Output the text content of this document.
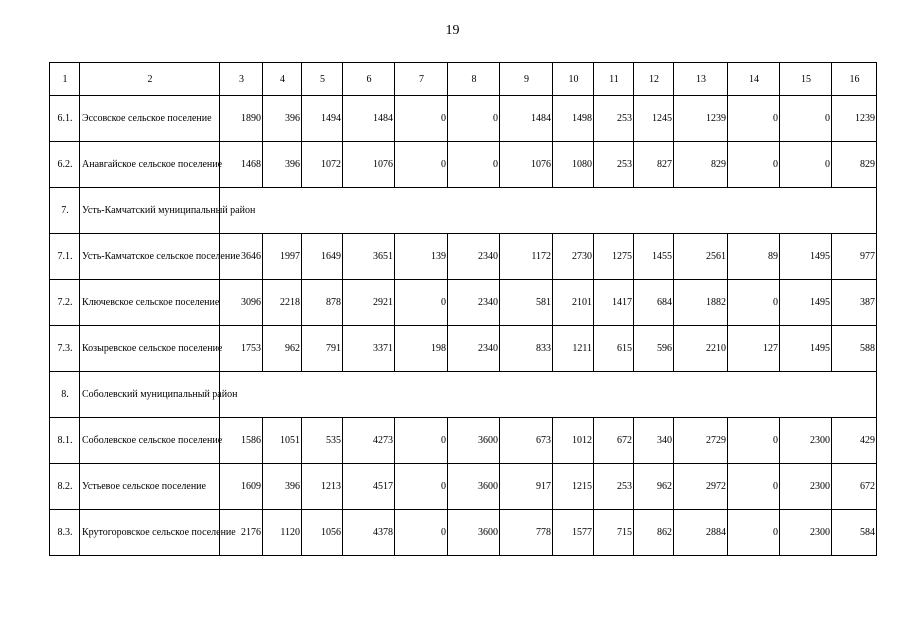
19
1	2	3	4	5	6	7	8	9	10	11	12	13	14	15	16
6.1.	Эссовское сельское поселение	1890	396	1494	1484	0	0	1484	1498	253	1245	1239	0	0	1239
6.2.	Анавгайское сельское поселение	1468	396	1072	1076	0	0	1076	1080	253	827	829	0	0	829
7.	Усть-Камчатский муниципальный район														
7.1.	Усть-Камчатское сельское поселение	3646	1997	1649	3651	139	2340	1172	2730	1275	1455	2561	89	1495	977
7.2.	Ключевское сельское поселение	3096	2218	878	2921	0	2340	581	2101	1417	684	1882	0	1495	387
7.3.	Козыревское сельское поселение	1753	962	791	3371	198	2340	833	1211	615	596	2210	127	1495	588
8.	Соболевский муниципальный район														
8.1.	Соболевское сельское поселение	1586	1051	535	4273	0	3600	673	1012	672	340	2729	0	2300	429
8.2.	Устьевое сельское поселение	1609	396	1213	4517	0	3600	917	1215	253	962	2972	0	2300	672
8.3.	Крутогоровское сельское поселение	2176	1120	1056	4378	0	3600	778	1577	715	862	2884	0	2300	584
